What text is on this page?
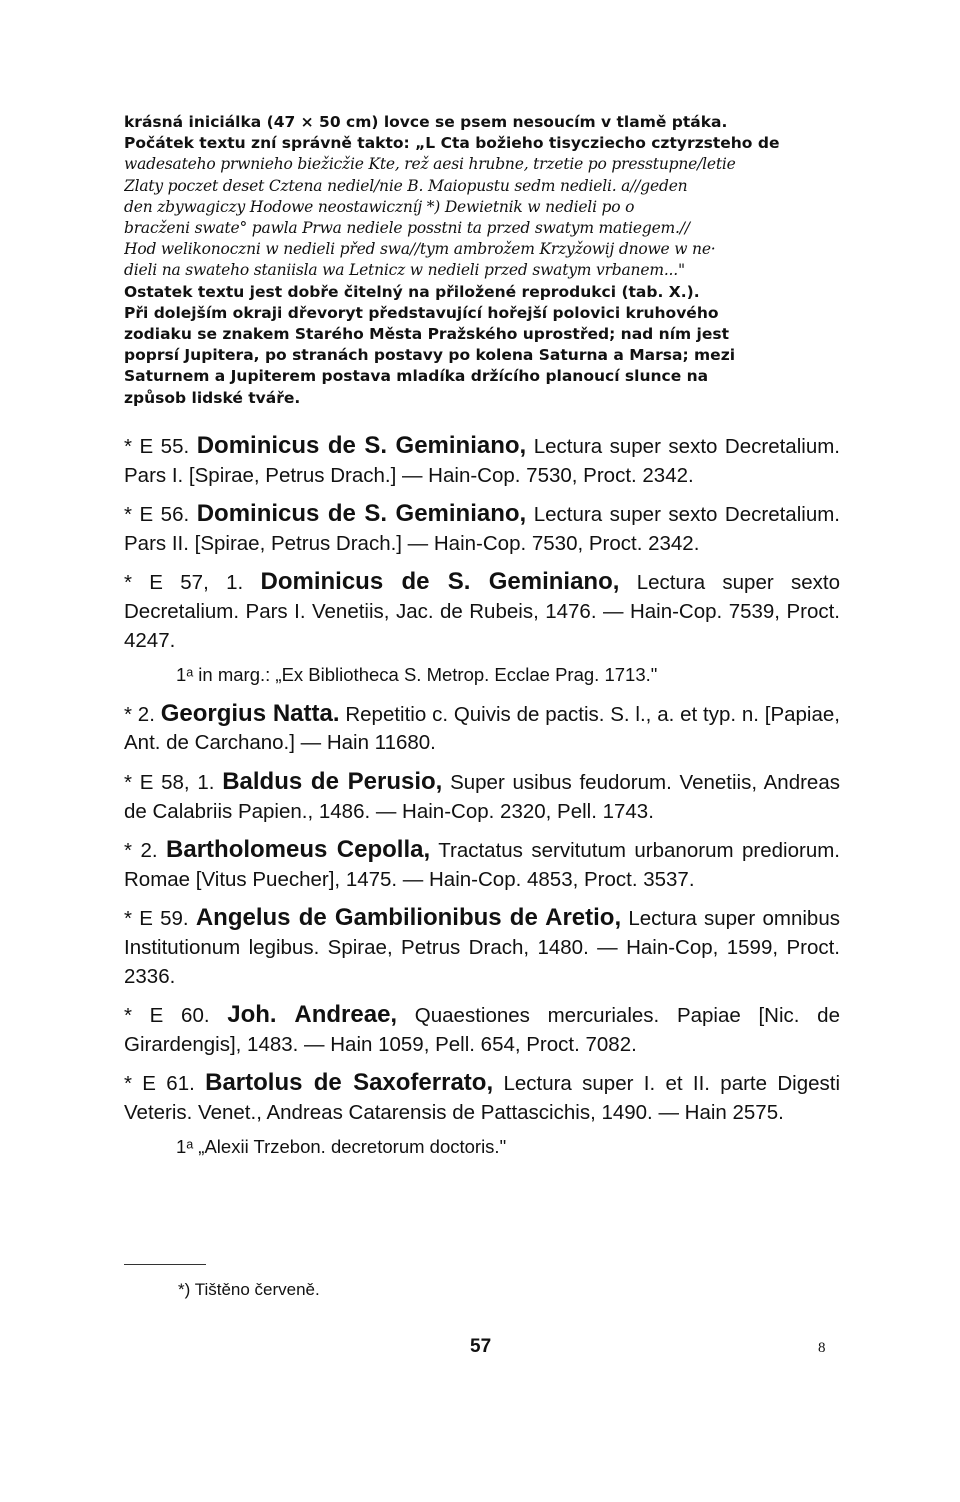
krásná iniciálka (47 × 50 cm) lovce se psem nesoucím v tlamě ptáka.
Počátek textu zní správně takto: „L Cta božieho tisycziecho cztyrzsteho de
wadesateho prwnieho biežicžie Kte, rež aesi hrubne, trzetie po presstupne/letie
Zlaty poczet deset Cztena nediel/nie B. Maiopustu sedm nedieli. a//geden
den zbywagiczy Hodowe neostawiczníj *) Dewietnik w nedieli po o
bracženi swate° pawla Prwa nediele posstni ta przed swatym matiegem.//
Hod welikonoczni w nedieli před swa//tym ambrožem Krzyžowij dnowe w ne·
dieli na swateho staniisla wa Letnicz w nedieli przed swatym vrbanem..."
Ostatek textu jest dobře čitelný na přiložené reprodukci (tab. X.).
Při dolejším okraji dřevoryt představující hořejší polovici kruhového
zodiaku se znakem Starého Města Pražského uprostřed; nad ním jest
poprsí Jupitera, po stranách postavy po kolena Saturna a Marsa; mezi
Saturnem a Jupiterem postava mladíka držícího planoucí slunce na
způsob lidské tváře.
* E 55. Dominicus de S. Geminiano, Lectura super sexto Decretalium. Pars I. [Spirae, Petrus Drach.] — Hain-Cop. 7530, Proct. 2342.
* E 56. Dominicus de S. Geminiano, Lectura super sexto Decretalium. Pars II. [Spirae, Petrus Drach.] — Hain-Cop. 7530, Proct. 2342.
* E 57, 1. Dominicus de S. Geminiano, Lectura super sexto Decretalium. Pars I. Venetiis, Jac. de Rubeis, 1476. — Hain-Cop. 7539, Proct. 4247.
1ᵃ in marg.: „Ex Bibliotheca S. Metrop. Ecclae Prag. 1713."
* 2. Georgius Natta. Repetitio c. Quivis de pactis. S. l., a. et typ. n. [Papiae, Ant. de Carchano.] — Hain 11680.
* E 58, 1. Baldus de Perusio, Super usibus feudorum. Venetiis, Andreas de Calabriis Papien., 1486. — Hain-Cop. 2320, Pell. 1743.
* 2. Bartholomeus Cepolla, Tractatus servitutum urbanorum prediorum. Romae [Vitus Puecher], 1475. — Hain-Cop. 4853, Proct. 3537.
* E 59. Angelus de Gambilionibus de Aretio, Lectura super omnibus Institutionum legibus. Spirae, Petrus Drach, 1480. — Hain-Cop, 1599, Proct. 2336.
* E 60. Joh. Andreae, Quaestiones mercuriales. Papiae [Nic. de Girardengis], 1483. — Hain 1059, Pell. 654, Proct. 7082.
* E 61. Bartolus de Saxoferrato, Lectura super I. et II. parte Digesti Veteris. Venet., Andreas Catarensis de Pattascichis, 1490. — Hain 2575.
1ᵃ „Alexii Trzebon. decretorum doctoris."
*) Tištěno červeně.
57	8
